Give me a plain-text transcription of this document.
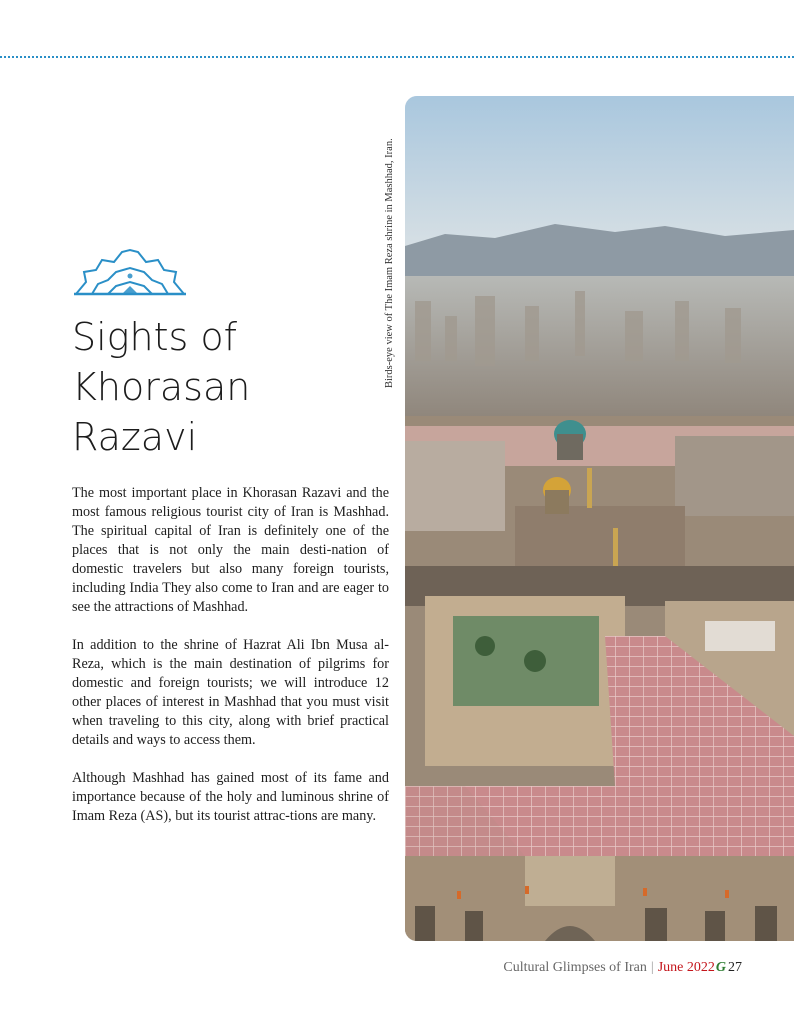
Sights of
Khorasan
Razavi

The most important place in Khorasan Razavi and the most famous religious tourist city of Iran is Mashhad. The spiritual capital of Iran is definitely one of the places that is not only the main desti-nation of domestic travelers but also many foreign tourists, including India They also come to Iran and are eager to see the attractions of Mashhad.

In addition to the shrine of Hazrat Ali Ibn Musa al-Reza, which is the main destination of pilgrims for domestic and foreign tourists; we will introduce 12 other places of interest in Mashhad that you must visit when traveling to this city, along with brief practical details and ways to access them.

Although Mashhad has gained most of its fame and importance because of the holy and luminous shrine of Imam Reza (AS), but its tourist attrac-tions are many.

Birds-eye view of The Imam Reza shrine in Mashhad, Iran.
Cultural Glimpses of Iran | June 2022G 27
